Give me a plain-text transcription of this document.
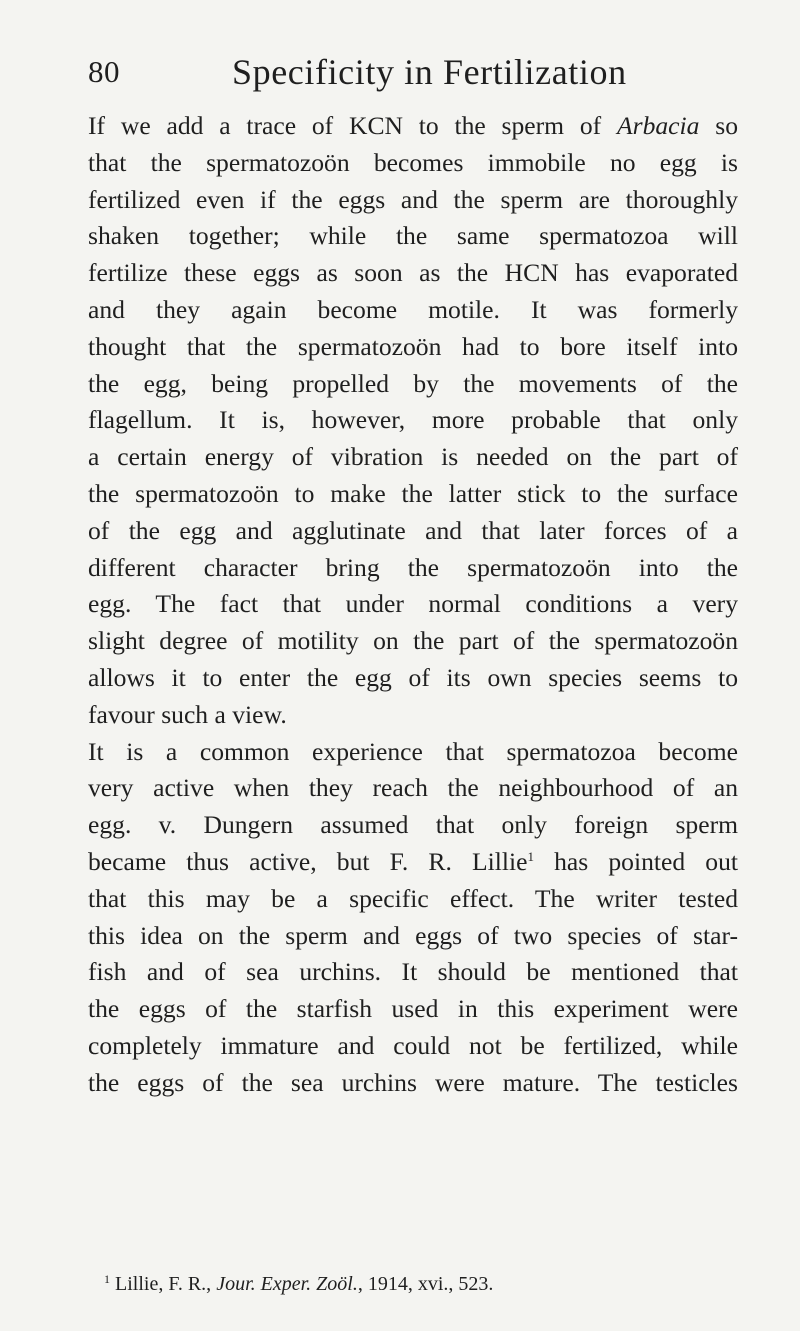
80	Specificity in Fertilization
If we add a trace of KCN to the sperm of Arbacia so
that the spermatozoön becomes immobile no egg is
fertilized even if the eggs and the sperm are thoroughly
shaken together; while the same spermatozoa will
fertilize these eggs as soon as the HCN has evaporated
and they again become motile. It was formerly
thought that the spermatozoön had to bore itself into
the egg, being propelled by the movements of the
flagellum. It is, however, more probable that only
a certain energy of vibration is needed on the part of
the spermatozoön to make the latter stick to the surface
of the egg and agglutinate and that later forces of a
different character bring the spermatozoön into the
egg. The fact that under normal conditions a very
slight degree of motility on the part of the spermatozoön
allows it to enter the egg of its own species seems to
favour such a view.
It is a common experience that spermatozoa become
very active when they reach the neighbourhood of an
egg. v. Dungern assumed that only foreign sperm
became thus active, but F. R. Lillie$^1$ has pointed out
that this may be a specific effect. The writer tested
this idea on the sperm and eggs of two species of star-
fish and of sea urchins. It should be mentioned that
the eggs of the starfish used in this experiment were
completely immature and could not be fertilized, while
the eggs of the sea urchins were mature. The testicles
$^1$ Lillie, F. R., Jour. Exper. Zoöl., 1914, xvi., 523.
